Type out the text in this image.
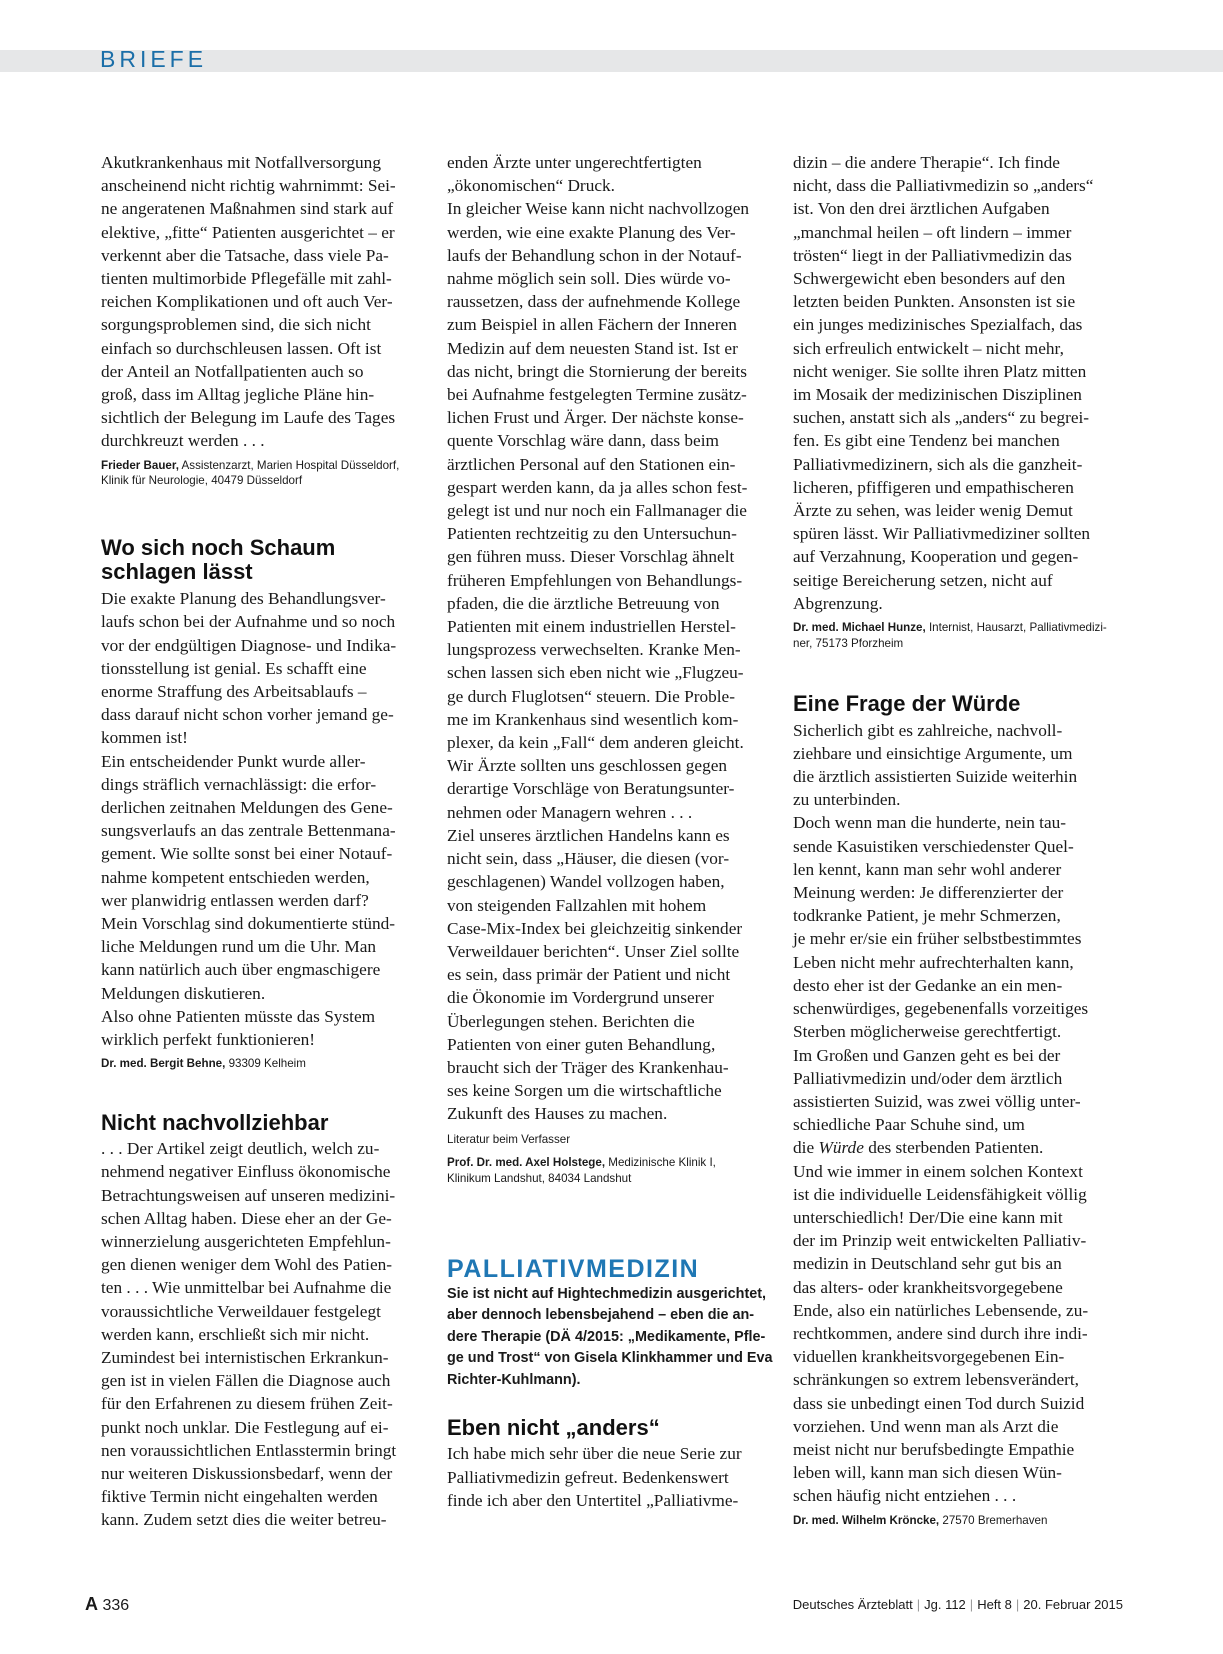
BRIEFE
Akutkrankenhaus mit Notfallversorgung
anscheinend nicht richtig wahrnimmt: Sei-
ne angeratenen Maßnahmen sind stark auf
elektive, „fitte“ Patienten ausgerichtet – er
verkennt aber die Tatsache, dass viele Pa-
tienten multimorbide Pflegefälle mit zahl-
reichen Komplikationen und oft auch Ver-
sorgungsproblemen sind, die sich nicht
einfach so durchschleusen lassen. Oft ist
der Anteil an Notfallpatienten auch so
groß, dass im Alltag jegliche Pläne hin-
sichtlich der Belegung im Laufe des Tages
durchkreuzt werden . . .
Frieder Bauer, Assistenzarzt, Marien Hospital Düsseldorf,
Klinik für Neurologie, 40479 Düsseldorf
Wo sich noch Schaum
schlagen lässt
Die exakte Planung des Behandlungsver-
laufs schon bei der Aufnahme und so noch
vor der endgültigen Diagnose- und Indika-
tionsstellung ist genial. Es schafft eine
enorme Straffung des Arbeitsablaufs –
dass darauf nicht schon vorher jemand ge-
kommen ist!
Ein entscheidender Punkt wurde aller-
dings sträflich vernachlässigt: die erfor-
derlichen zeitnahen Meldungen des Gene-
sungsverlaufs an das zentrale Bettenmana-
gement. Wie sollte sonst bei einer Notauf-
nahme kompetent entschieden werden,
wer planwidrig entlassen werden darf?
Mein Vorschlag sind dokumentierte stünd-
liche Meldungen rund um die Uhr. Man
kann natürlich auch über engmaschigere
Meldungen diskutieren.
Also ohne Patienten müsste das System
wirklich perfekt funktionieren!
Dr. med. Bergit Behne, 93309 Kelheim
Nicht nachvollziehbar
. . . Der Artikel zeigt deutlich, welch zu-
nehmend negativer Einfluss ökonomische
Betrachtungsweisen auf unseren medizini-
schen Alltag haben. Diese eher an der Ge-
winnerzielung ausgerichteten Empfehlun-
gen dienen weniger dem Wohl des Patien-
ten . . . Wie unmittelbar bei Aufnahme die
voraussichtliche Verweildauer festgelegt
werden kann, erschließt sich mir nicht.
Zumindest bei internistischen Erkrankun-
gen ist in vielen Fällen die Diagnose auch
für den Erfahrenen zu diesem frühen Zeit-
punkt noch unklar. Die Festlegung auf ei-
nen voraussichtlichen Entlasstermin bringt
nur weiteren Diskussionsbedarf, wenn der
fiktive Termin nicht eingehalten werden
kann. Zudem setzt dies die weiter betreu-
enden Ärzte unter ungerechtfertigten
„ökonomischen“ Druck.
In gleicher Weise kann nicht nachvollzogen
werden, wie eine exakte Planung des Ver-
laufs der Behandlung schon in der Notauf-
nahme möglich sein soll. Dies würde vo-
raussetzen, dass der aufnehmende Kollege
zum Beispiel in allen Fächern der Inneren
Medizin auf dem neuesten Stand ist. Ist er
das nicht, bringt die Stornierung der bereits
bei Aufnahme festgelegten Termine zusätz-
lichen Frust und Ärger. Der nächste konse-
quente Vorschlag wäre dann, dass beim
ärztlichen Personal auf den Stationen ein-
gespart werden kann, da ja alles schon fest-
gelegt ist und nur noch ein Fallmanager die
Patienten rechtzeitig zu den Untersuchun-
gen führen muss. Dieser Vorschlag ähnelt
früheren Empfehlungen von Behandlungs-
pfaden, die die ärztliche Betreuung von
Patienten mit einem industriellen Herstel-
lungsprozess verwechselten. Kranke Men-
schen lassen sich eben nicht wie „Flugzeu-
ge durch Fluglotsen“ steuern. Die Proble-
me im Krankenhaus sind wesentlich kom-
plexer, da kein „Fall“ dem anderen gleicht.
Wir Ärzte sollten uns geschlossen gegen
derartige Vorschläge von Beratungsunter-
nehmen oder Managern wehren . . .
Ziel unseres ärztlichen Handelns kann es
nicht sein, dass „Häuser, die diesen (vor-
geschlagenen) Wandel vollzogen haben,
von steigenden Fallzahlen mit hohem
Case-Mix-Index bei gleichzeitig sinkender
Verweildauer berichten“. Unser Ziel sollte
es sein, dass primär der Patient und nicht
die Ökonomie im Vordergrund unserer
Überlegungen stehen. Berichten die
Patienten von einer guten Behandlung,
braucht sich der Träger des Krankenhau-
ses keine Sorgen um die wirtschaftliche
Zukunft des Hauses zu machen.
Literatur beim Verfasser
Prof. Dr. med. Axel Holstege, Medizinische Klinik I,
Klinikum Landshut, 84034 Landshut
PALLIATIVMEDIZIN
Sie ist nicht auf Hightechmedizin ausgerichtet,
aber dennoch lebensbejahend – eben die an-
dere Therapie (DÄ 4/2015: „Medikamente, Pfle-
ge und Trost“ von Gisela Klinkhammer und Eva
Richter-Kuhlmann).
Eben nicht „anders“
Ich habe mich sehr über die neue Serie zur
Palliativmedizin gefreut. Bedenkenswert
finde ich aber den Untertitel „Palliativme-
dizin – die andere Therapie“. Ich finde
nicht, dass die Palliativmedizin so „anders“
ist. Von den drei ärztlichen Aufgaben
„manchmal heilen – oft lindern – immer
trösten“ liegt in der Palliativmedizin das
Schwergewicht eben besonders auf den
letzten beiden Punkten. Ansonsten ist sie
ein junges medizinisches Spezialfach, das
sich erfreulich entwickelt – nicht mehr,
nicht weniger. Sie sollte ihren Platz mitten
im Mosaik der medizinischen Disziplinen
suchen, anstatt sich als „anders“ zu begrei-
fen. Es gibt eine Tendenz bei manchen
Palliativmedizinern, sich als die ganzheit-
licheren, pfiffigeren und empathischeren
Ärzte zu sehen, was leider wenig Demut
spüren lässt. Wir Palliativmediziner sollten
auf Verzahnung, Kooperation und gegen-
seitige Bereicherung setzen, nicht auf
Abgrenzung.
Dr. med. Michael Hunze, Internist, Hausarzt, Palliativmedizi-
ner, 75173 Pforzheim
Eine Frage der Würde
Sicherlich gibt es zahlreiche, nachvoll-
ziehbare und einsichtige Argumente, um
die ärztlich assistierten Suizide weiterhin
zu unterbinden.
Doch wenn man die hunderte, nein tau-
sende Kasuistiken verschiedenster Quel-
len kennt, kann man sehr wohl anderer
Meinung werden: Je differenzierter der
todkranke Patient, je mehr Schmerzen,
je mehr er/sie ein früher selbstbestimmtes
Leben nicht mehr aufrechterhalten kann,
desto eher ist der Gedanke an ein men-
schenwürdiges, gegebenenfalls vorzeitiges
Sterben möglicherweise gerechtfertigt.
Im Großen und Ganzen geht es bei der
Palliativmedizin und/oder dem ärztlich
assistierten Suizid, was zwei völlig unter-
schiedliche Paar Schuhe sind, um
die Würde des sterbenden Patienten.
Und wie immer in einem solchen Kontext
ist die individuelle Leidensfähigkeit völlig
unterschiedlich! Der/Die eine kann mit
der im Prinzip weit entwickelten Palliativ-
medizin in Deutschland sehr gut bis an
das alters- oder krankheitsvorgegebene
Ende, also ein natürliches Lebensende, zu-
rechtkommen, andere sind durch ihre indi-
viduellen krankheitsvorgegebenen Ein-
schränkungen so extrem lebensverändert,
dass sie unbedingt einen Tod durch Suizid
vorziehen. Und wenn man als Arzt die
meist nicht nur berufsbedingte Empathie
leben will, kann man sich diesen Wün-
schen häufig nicht entziehen . . .
Dr. med. Wilhelm Kröncke, 27570 Bremerhaven
A 336	Deutsches Ärzteblatt | Jg. 112 | Heft 8 | 20. Februar 2015
